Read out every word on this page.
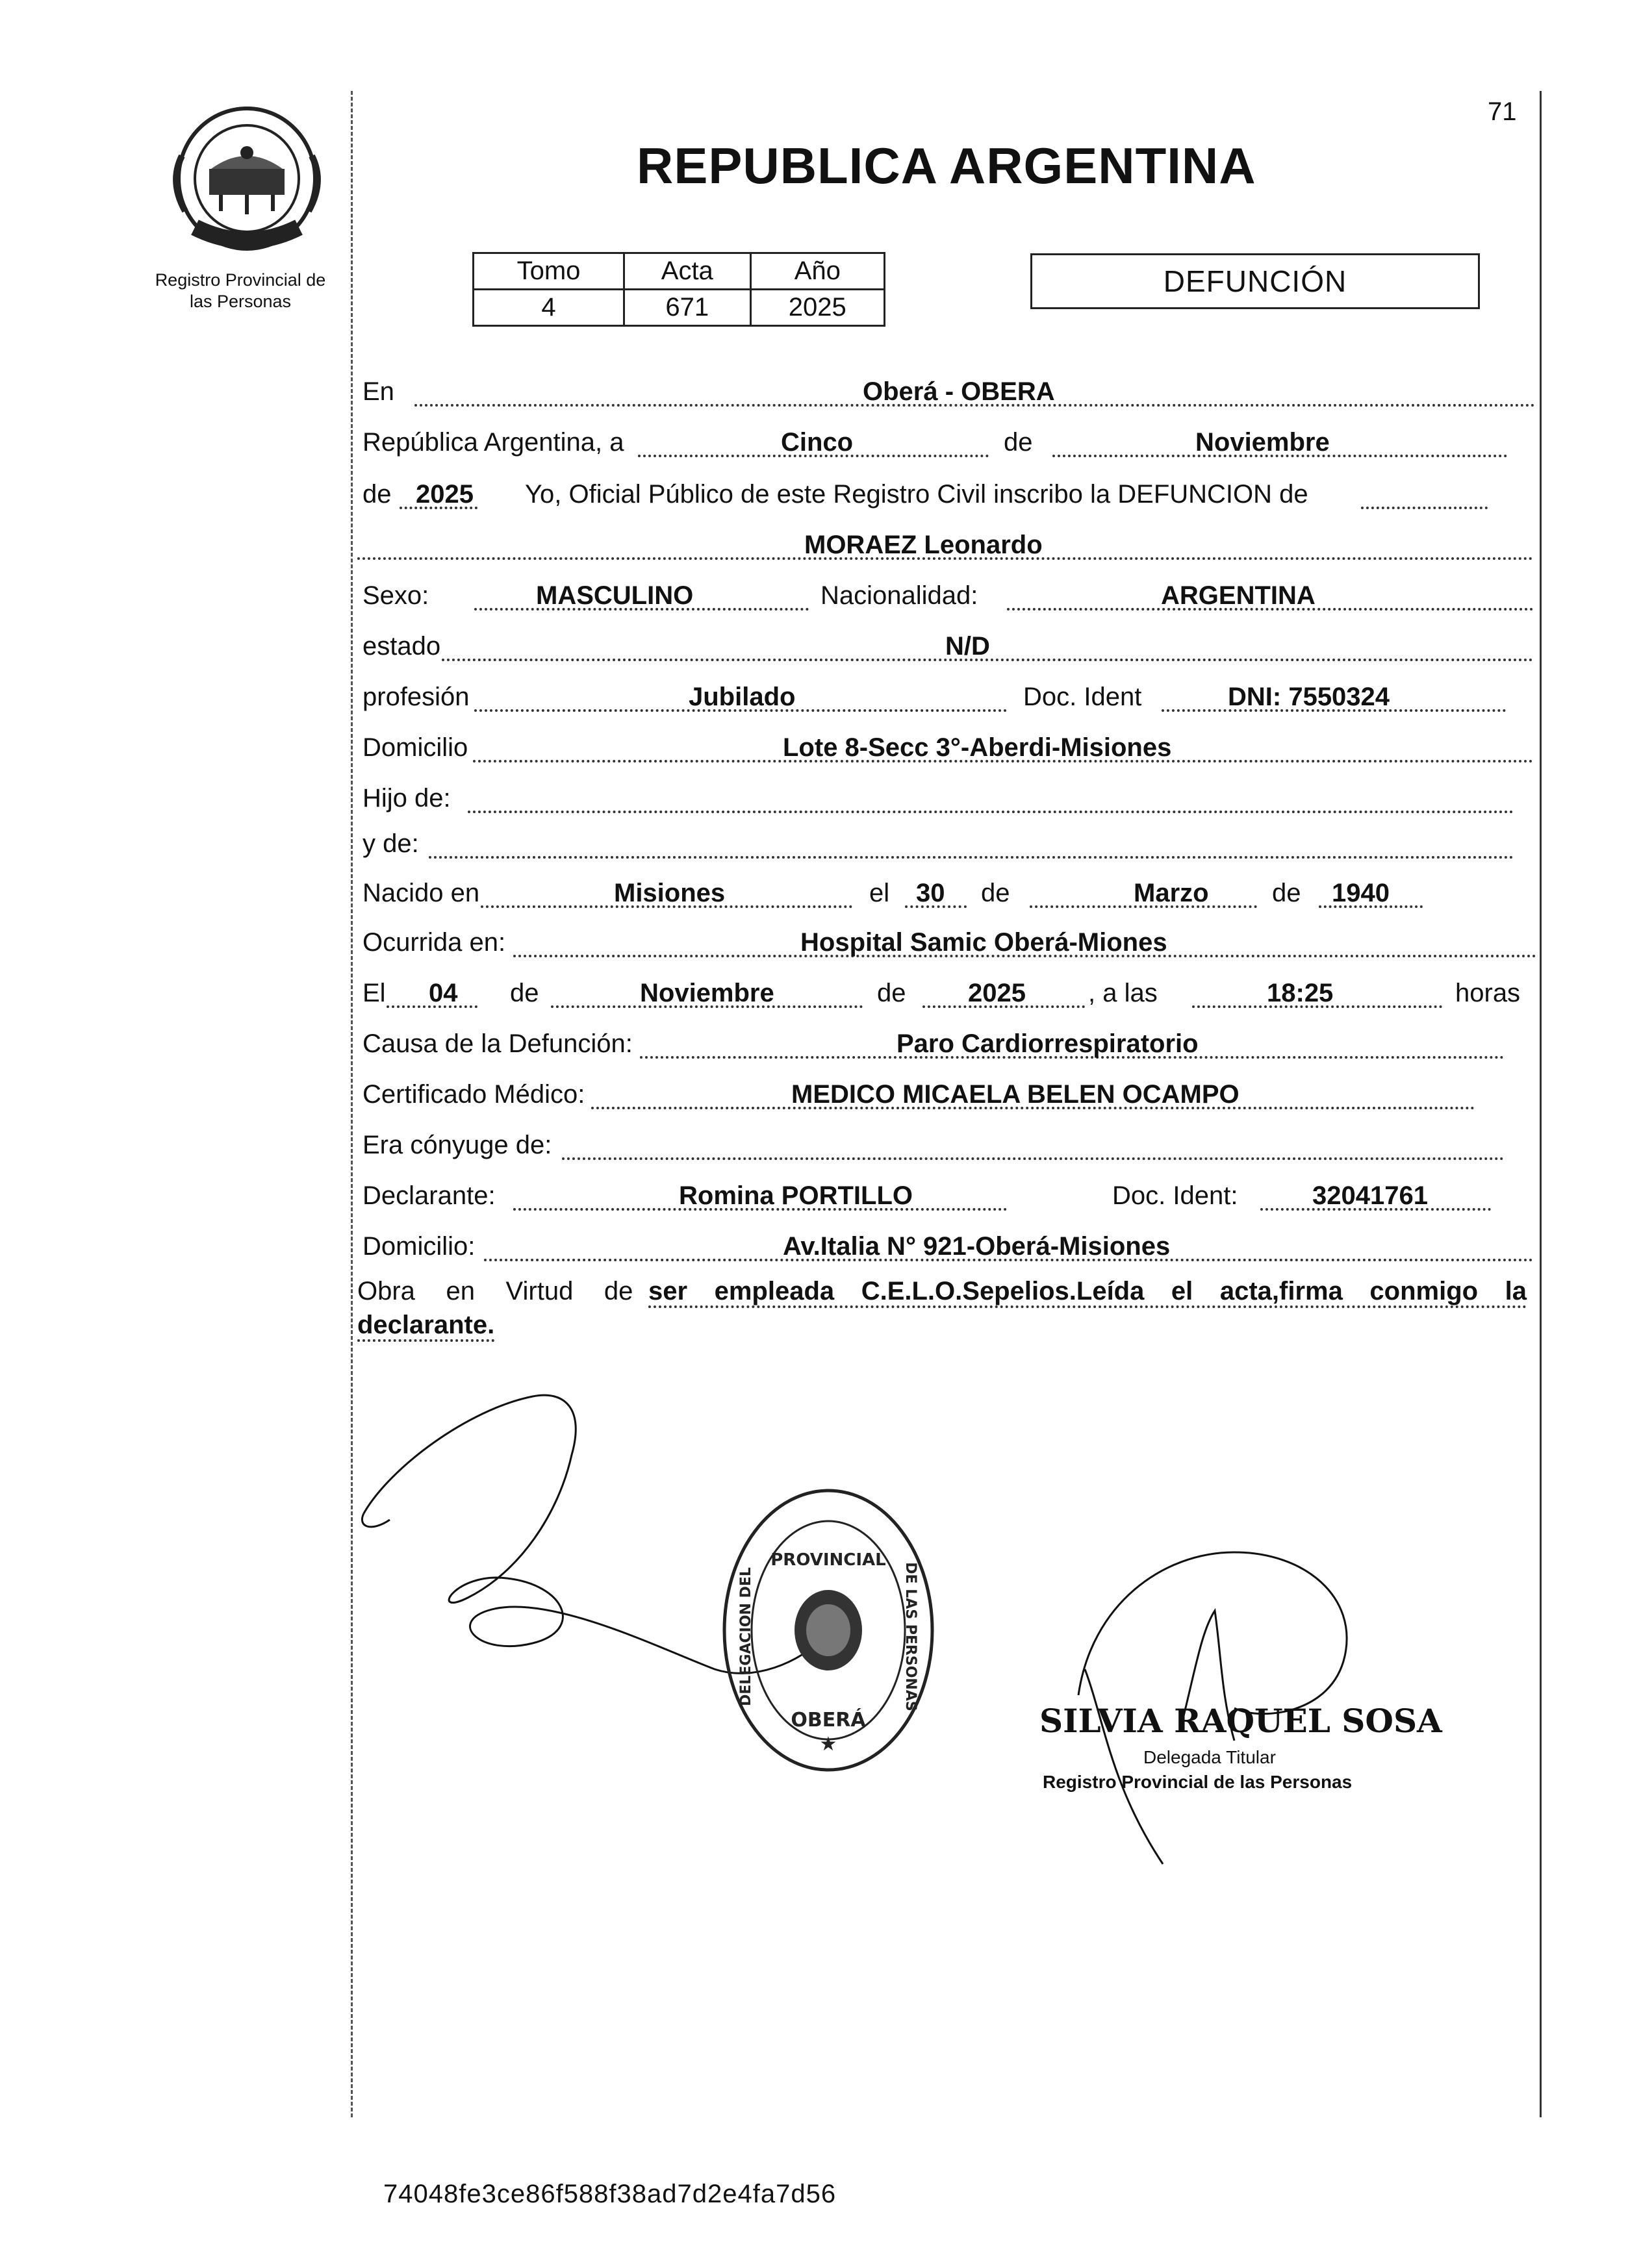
71
Registro Provincial de
las Personas
REPUBLICA ARGENTINA
Tomo	Acta	Año
4	671	2025
DEFUNCIÓN
En	Oberá - OBERA
República Argentina, a	Cinco	de	Noviembre
de 2025 Yo, Oficial Público de este Registro Civil inscribo la DEFUNCION de
MORAEZ Leonardo
Sexo:	MASCULINO	Nacionalidad:	ARGENTINA
estado	N/D
profesión	Jubilado	Doc. Ident	DNI: 7550324
Domicilio	Lote 8-Secc 3°-Aberdi-Misiones
Hijo de:
y de:
Nacido en	Misiones	el 30 de	Marzo de 1940
Ocurrida en:	Hospital Samic Oberá-Miones
El 04 de	Noviembre	de 2025 , a las	18:25	horas
Causa de la Defunción:	Paro Cardiorrespiratorio
Certificado Médico:	MEDICO MICAELA BELEN OCAMPO
Era cónyuge de:
Declarante:	Romina PORTILLO	Doc. Ident:	32041761
Domicilio:	Av.Italia N° 921-Oberá-Misiones
Obra en Virtud de ser empleada C.E.L.O.Sepelios.Leída el acta,firma conmigo la declarante.
PROVINCIAL
DELEGACION DEL	DE LAS PERSONAS
OBERÁ
★
SILVIA RAQUEL SOSA
Delegada Titular
Registro Provincial de las Personas
74048fe3ce86f588f38ad7d2e4fa7d56
